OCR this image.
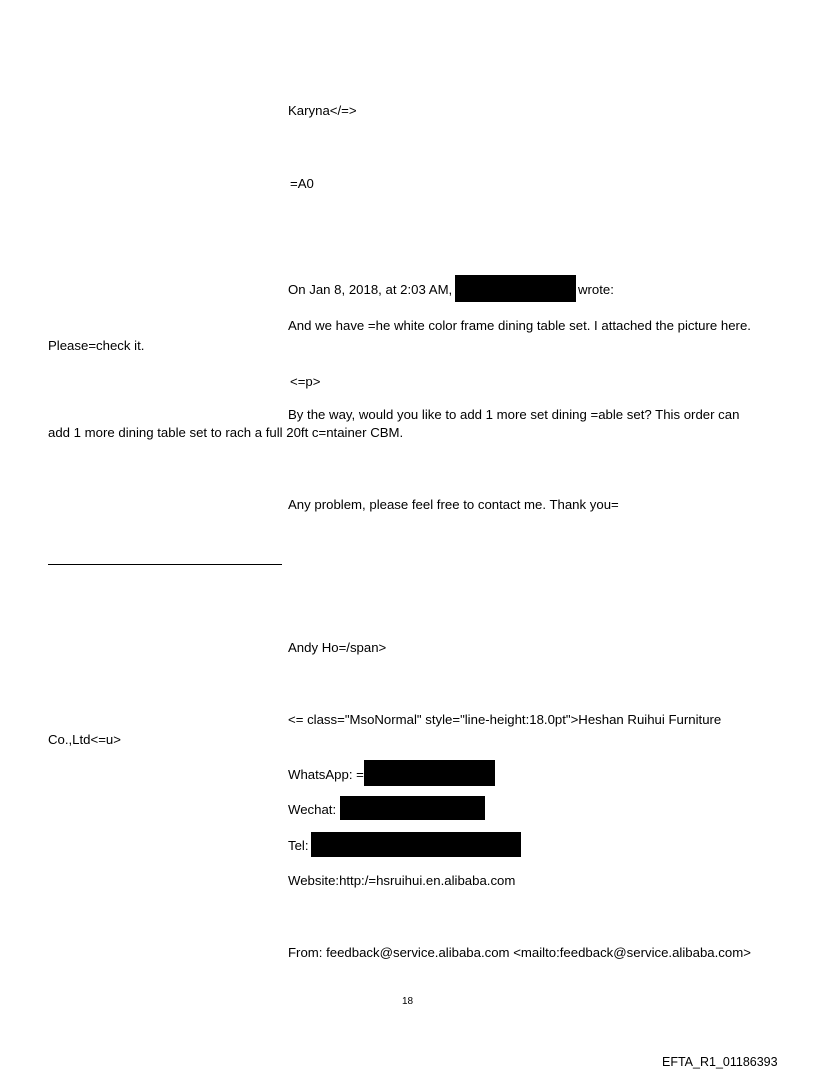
Karyna</=>
=A0
On Jan 8, 2018, at 2:03 AM,	wrote:
And we have =he white color frame dining table set. I attached the picture here.
Please=check it.
<=p>
By the way, would you like to add 1 more set dining =able set? This order can
add 1 more dining table set to rach a full 20ft c=ntainer CBM.
Any problem, please feel free to contact me. Thank you=
Andy Ho=/span>
<= class="MsoNormal" style="line-height:18.0pt">Heshan Ruihui Furniture
Co.,Ltd<=u>
WhatsApp: =
Wechat:
Tel:
Website:http:/=hsruihui.en.alibaba.com
From: feedback@service.alibaba.com <mailto:feedback@service.alibaba.com>
18
EFTA_R1_01186393
